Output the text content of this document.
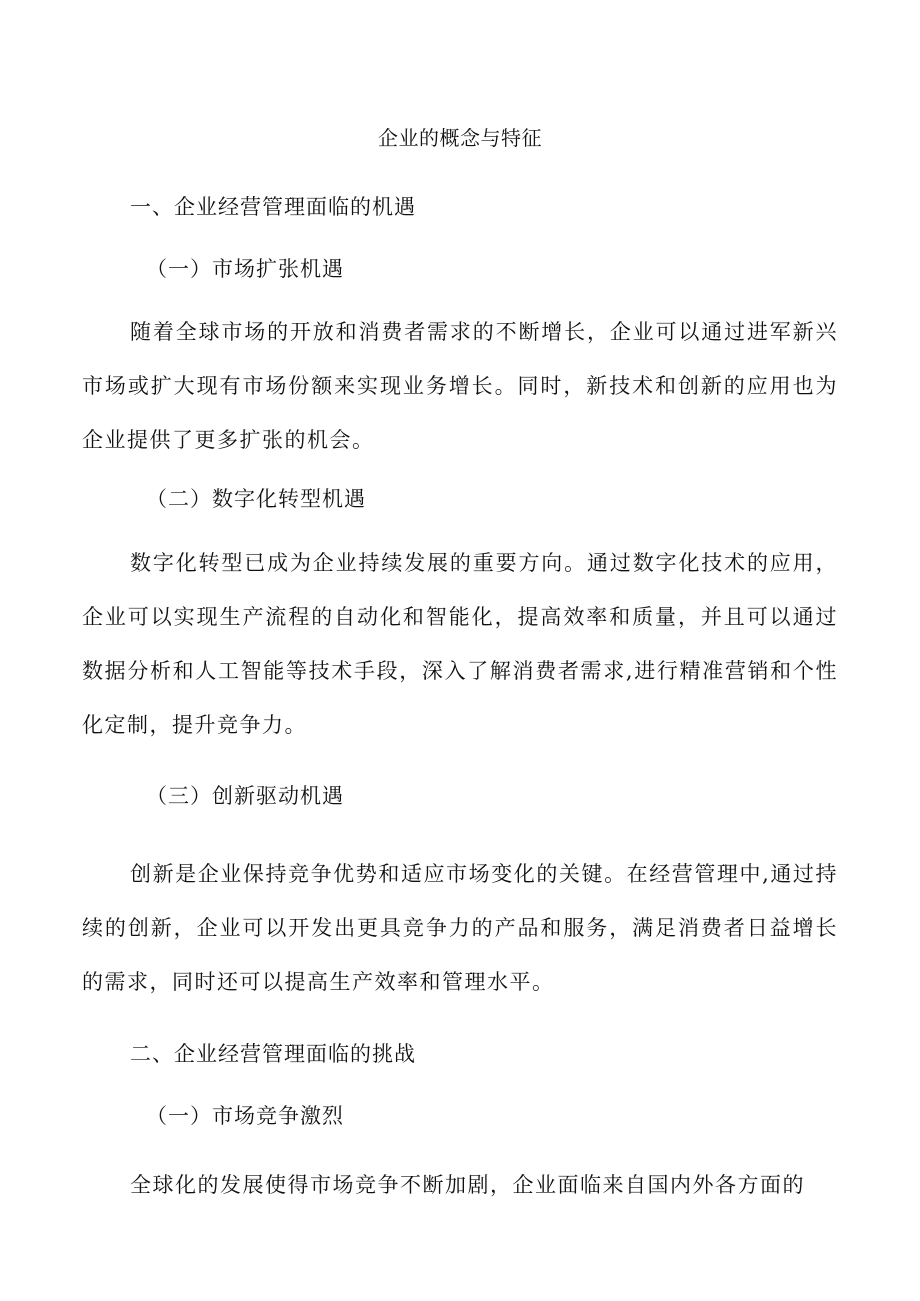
企业的概念与特征
一、企业经营管理面临的机遇
（一）市场扩张机遇
随着全球市场的开放和消费者需求的不断增长，企业可以通过进军新兴市场或扩大现有市场份额来实现业务增长。同时，新技术和创新的应用也为企业提供了更多扩张的机会。
（二）数字化转型机遇
数字化转型已成为企业持续发展的重要方向。通过数字化技术的应用，企业可以实现生产流程的自动化和智能化，提高效率和质量，并且可以通过数据分析和人工智能等技术手段，深入了解消费者需求,进行精准营销和个性化定制，提升竞争力。
（三）创新驱动机遇
创新是企业保持竞争优势和适应市场变化的关键。在经营管理中,通过持续的创新，企业可以开发出更具竞争力的产品和服务，满足消费者日益增长的需求，同时还可以提高生产效率和管理水平。
二、企业经营管理面临的挑战
（一）市场竞争激烈
全球化的发展使得市场竞争不断加剧，企业面临来自国内外各方面的
